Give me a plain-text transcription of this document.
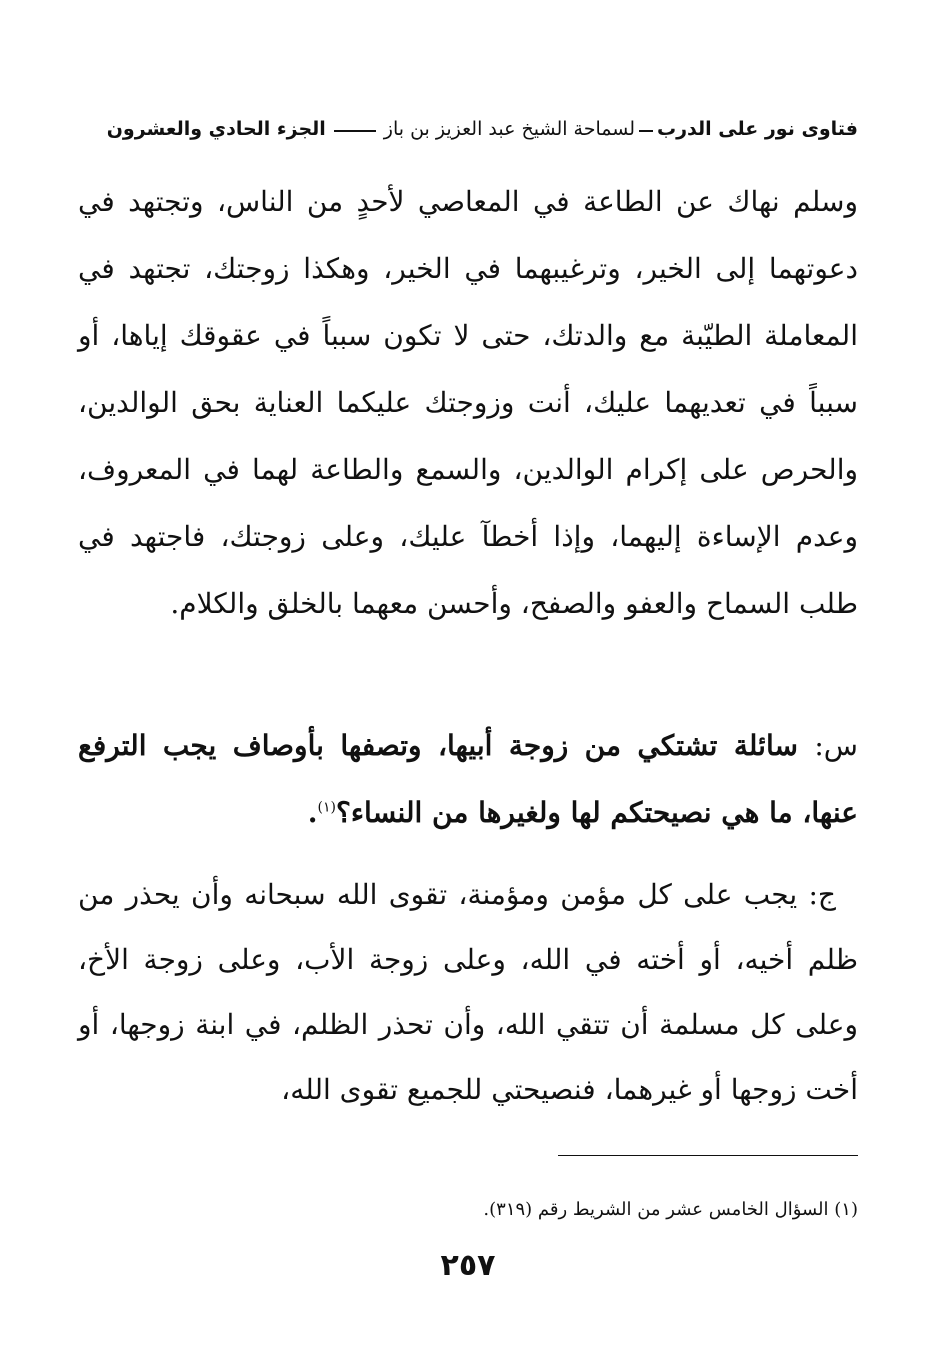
فتاوى نور على الدرب
لسماحة الشيخ عبد العزيز بن باز
الجزء الحادي والعشرون

وسلم نهاك عن الطاعة في المعاصي لأحدٍ من الناس، وتجتهد في دعوتهما إلى الخير، وترغيبهما في الخير، وهكذا زوجتك، تجتهد في المعاملة الطيّبة مع والدتك، حتى لا تكون سبباً في عقوقك إياها، أو سبباً في تعديهما عليك، أنت وزوجتك عليكما العناية بحق الوالدين، والحرص على إكرام الوالدين، والسمع والطاعة لهما في المعروف، وعدم الإساءة إليهما، وإذا أخطآ عليك، وعلى زوجتك، فاجتهد في طلب السماح والعفو والصفح، وأحسن معهما بالخلق والكلام.

س: سائلة تشتكي من زوجة أبيها، وتصفها بأوصاف يجب الترفع عنها، ما هي نصيحتكم لها ولغيرها من النساء؟$^{(١)}$.

ج: يجب على كل مؤمن ومؤمنة، تقوى الله سبحانه وأن يحذر من ظلم أخيه، أو أخته في الله، وعلى زوجة الأب، وعلى زوجة الأخ، وعلى كل مسلمة أن تتقي الله، وأن تحذر الظلم، في ابنة زوجها، أو أخت زوجها أو غيرهما، فنصيحتي للجميع تقوى الله،

(١) السؤال الخامس عشر من الشريط رقم (٣١٩).
٢٥٧
